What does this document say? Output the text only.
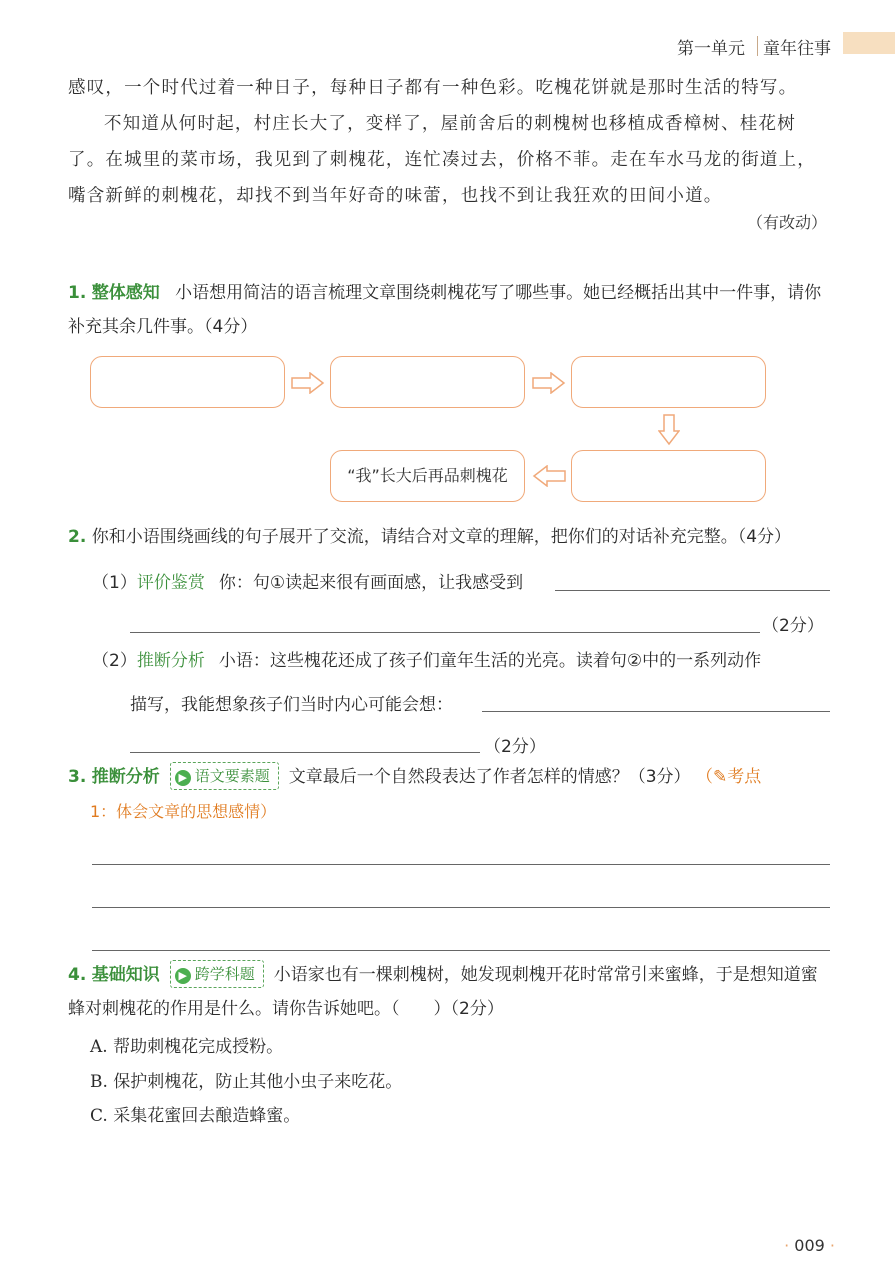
第一单元 童年往事
感叹，一个时代过着一种日子，每种日子都有一种色彩。吃槐花饼就是那时生活的特写。
不知道从何时起，村庄长大了，变样了，屋前舍后的刺槐树也移植成香樟树、桂花树了。在城里的菜市场，我见到了刺槐花，连忙凑过去，价格不菲。走在车水马龙的街道上，嘴含新鲜的刺槐花，却找不到当年好奇的味蕾，也找不到让我狂欢的田间小道。
（有改动）
1. 整体感知 小语想用简洁的语言梳理文章围绕刺槐花写了哪些事。她已经概括出其中一件事，请你补充其余几件事。（4分）
“我”长大后再品刺槐花
2. 你和小语围绕画线的句子展开了交流，请结合对文章的理解，把你们的对话补充完整。（4分）
（1）评价鉴赏 你：句①读起来很有画面感，让我感受到
（2分）
（2）推断分析 小语：这些槐花还成了孩子们童年生活的光亮。读着句②中的一系列动作
描写，我能想象孩子们当时内心可能会想：
（2分）
3. 推断分析 ▶ 语文要素题 文章最后一个自然段表达了作者怎样的情感？（3分） （✎考点
1：体会文章的思想感情）
4. 基础知识 ▶ 跨学科题 小语家也有一棵刺槐树，她发现刺槐开花时常常引来蜜蜂，于是想知道蜜蜂对刺槐花的作用是什么。请你告诉她吧。（　　）（2分）
A. 帮助刺槐花完成授粉。
B. 保护刺槐花，防止其他小虫子来吃花。
C. 采集花蜜回去酿造蜂蜜。
· 009 ·
